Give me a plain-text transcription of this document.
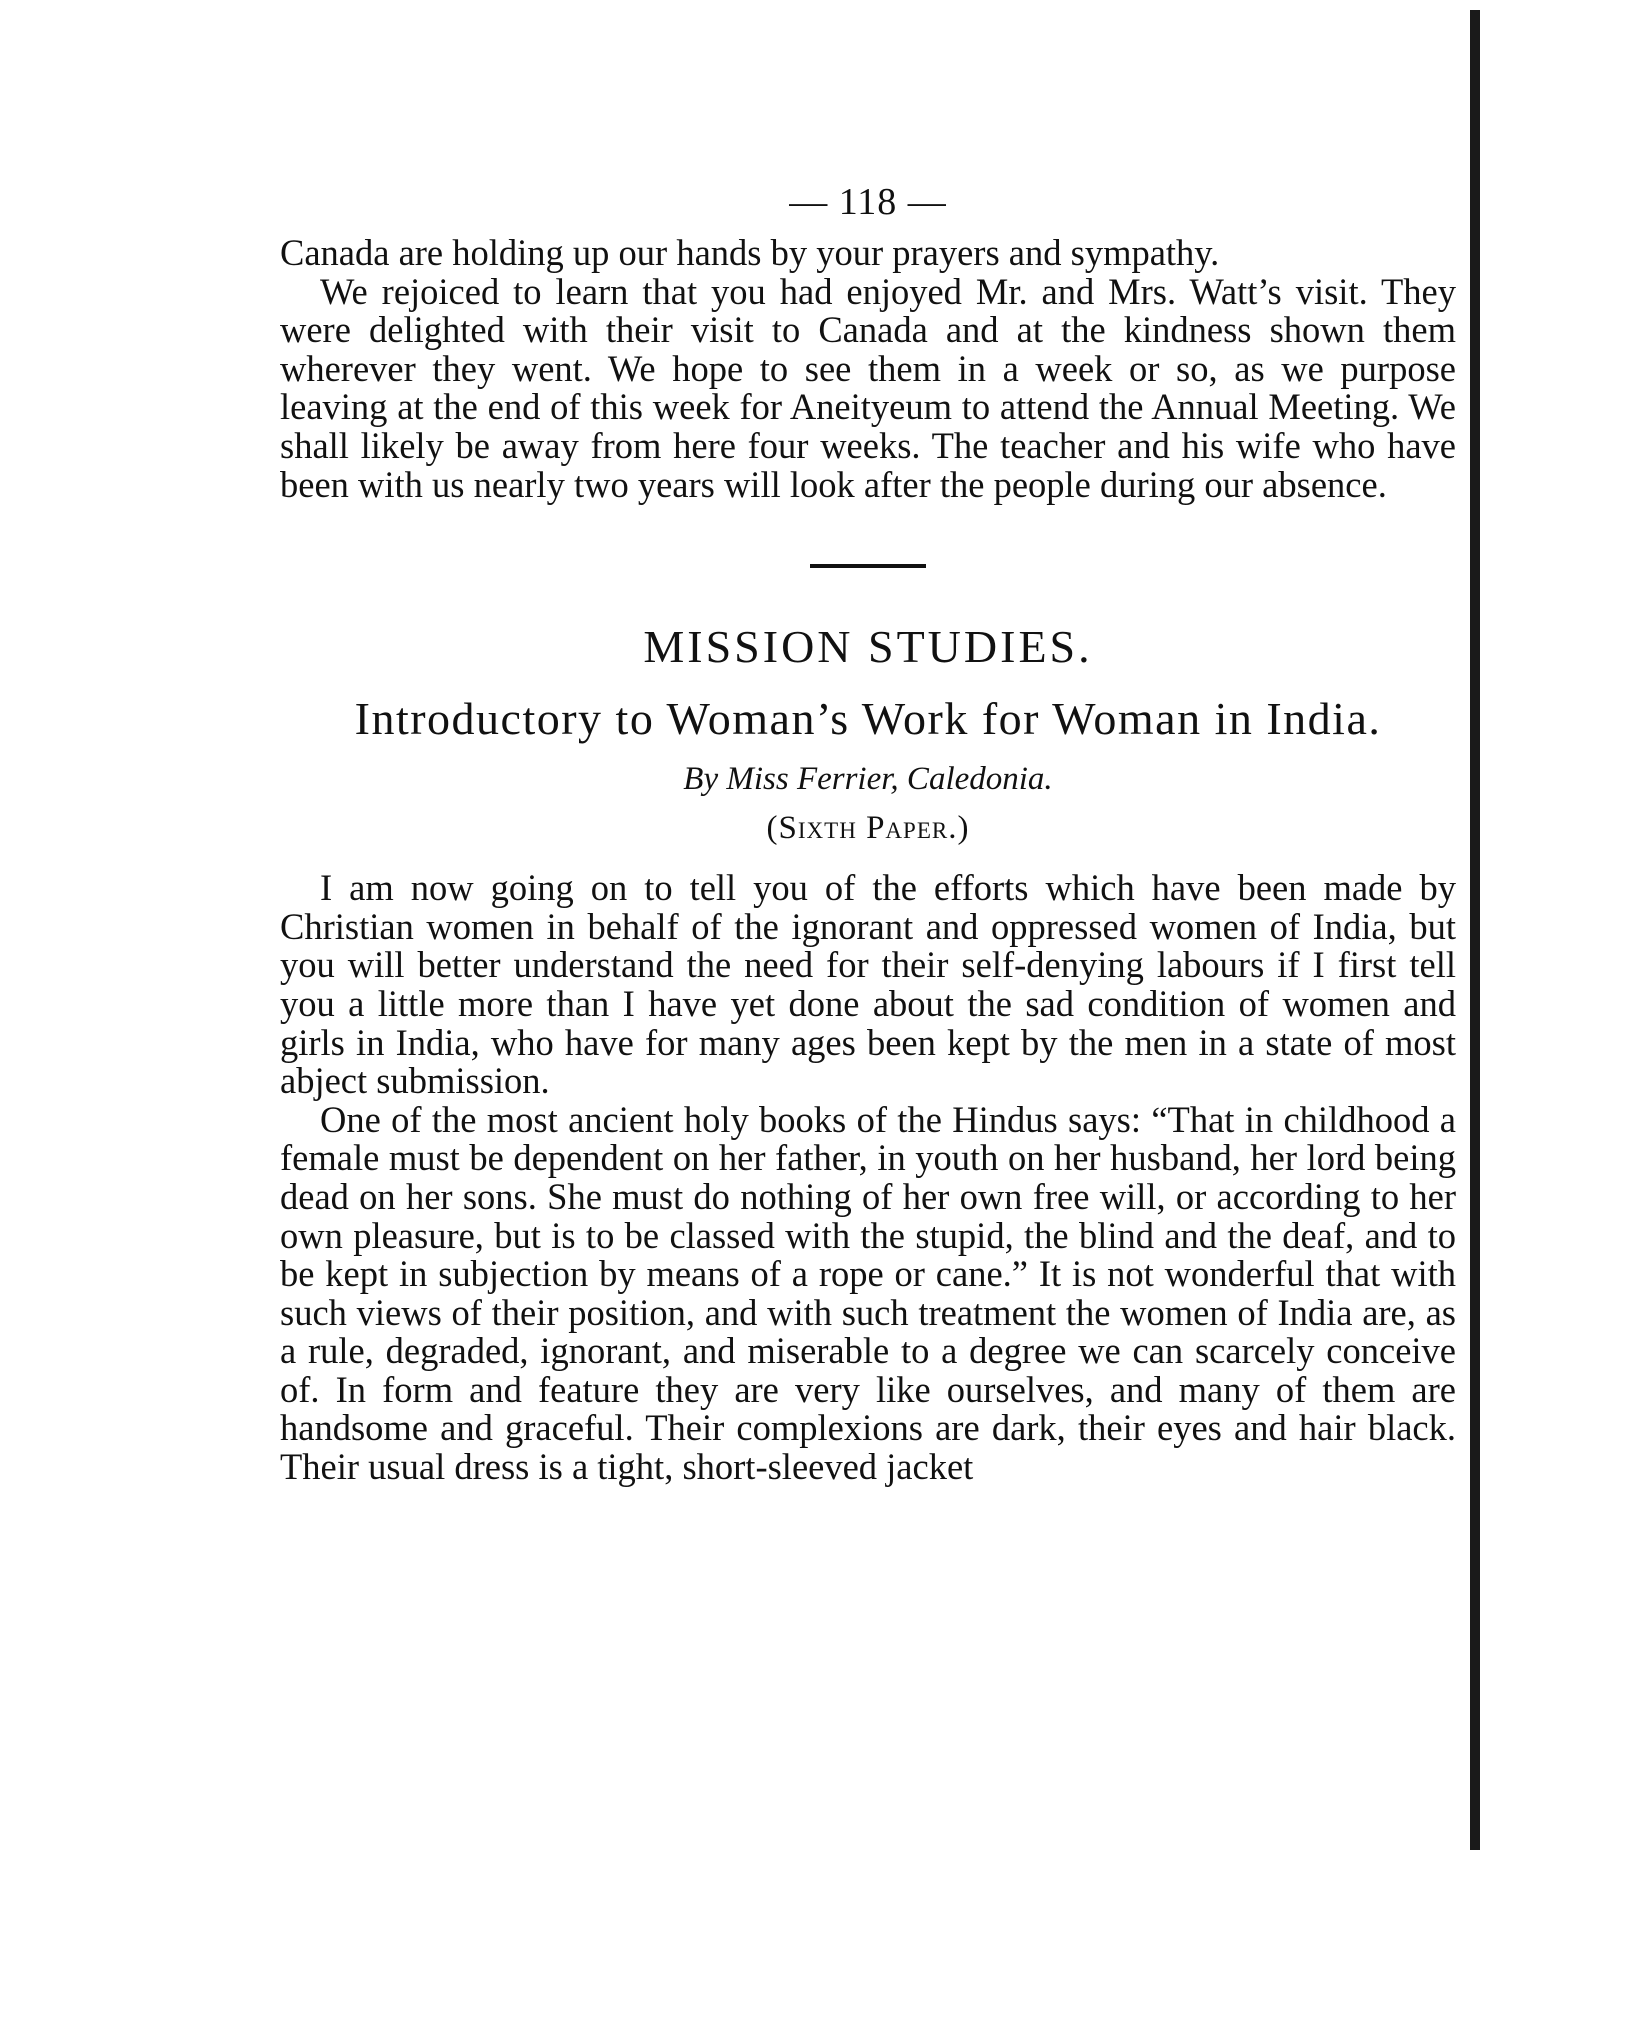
— 118 —

Canada are holding up our hands by your prayers and sympathy.

We rejoiced to learn that you had enjoyed Mr. and Mrs. Watt’s visit. They were delighted with their visit to Canada and at the kindness shown them wherever they went. We hope to see them in a week or so, as we purpose leaving at the end of this week for Aneityeum to attend the Annual Meeting. We shall likely be away from here four weeks. The teacher and his wife who have been with us nearly two years will look after the people during our absence.

MISSION STUDIES.
Introductory to Woman’s Work for Woman in India.
By Miss Ferrier, Caledonia.
(Sixth Paper.)

I am now going on to tell you of the efforts which have been made by Christian women in behalf of the ignorant and oppressed women of India, but you will better understand the need for their self-denying labours if I first tell you a little more than I have yet done about the sad condition of women and girls in India, who have for many ages been kept by the men in a state of most abject submission.

One of the most ancient holy books of the Hindus says: “That in childhood a female must be dependent on her father, in youth on her husband, her lord being dead on her sons. She must do nothing of her own free will, or according to her own pleasure, but is to be classed with the stupid, the blind and the deaf, and to be kept in subjection by means of a rope or cane.” It is not wonderful that with such views of their position, and with such treatment the women of India are, as a rule, degraded, ignorant, and miserable to a degree we can scarcely conceive of. In form and feature they are very like ourselves, and many of them are handsome and graceful. Their complexions are dark, their eyes and hair black. Their usual dress is a tight, short-sleeved jacket
